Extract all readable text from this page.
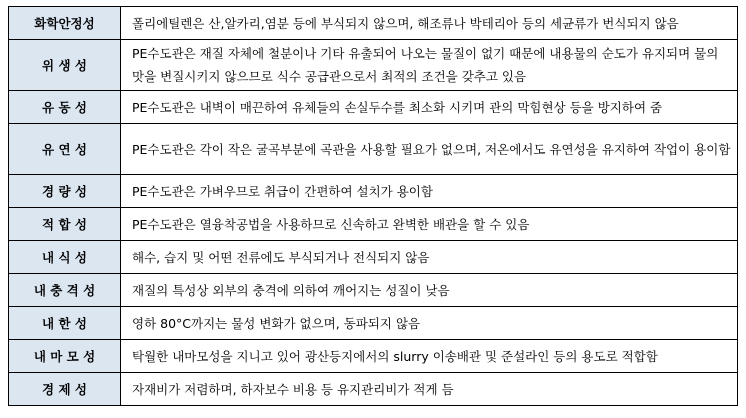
화학안정성	폴리에틸렌은 산,알카리,염분 등에 부식되지 않으며, 해조류나 박테리아 등의 세균류가 번식되지 않음
위 생 성	PE수도관은 재질 자체에 철분이나 기타 유출되어 나오는 물질이 없기 때문에 내용물의 순도가 유지되며 물의 맛을 변질시키지 않으므로 식수 공급관으로서 최적의 조건을 갖추고 있음
유 동 성	PE수도관은 내벽이 매끈하여 유체들의 손실두수를 최소화 시키며 관의 막힘현상 등을 방지하여 줌
유 연 성	PE수도관은 각이 작은 굴곡부분에 곡관을 사용할 필요가 없으며, 저온에서도 유연성을 유지하여 작업이 용이함
경 량 성	PE수도관은 가벼우므로 취급이 간편하여 설치가 용이함
적 합 성	PE수도관은 열융착공법을 사용하므로 신속하고 완벽한 배관을 할 수 있음
내 식 성	해수, 습지 및 어떤 전류에도 부식되거나 전식되지 않음
내 충 격 성	재질의 특성상 외부의 충격에 의하여 깨어지는 성질이 낮음
내 한 성	영하 80°C까지는 물성 변화가 없으며, 동파되지 않음
내 마 모 성	탁월한 내마모성을 지니고 있어 광산등지에서의 slurry 이송배관 및 준설라인 등의 용도로 적합함
경 제 성	자재비가 저렴하며, 하자보수 비용 등 유지관리비가 적게 듬
